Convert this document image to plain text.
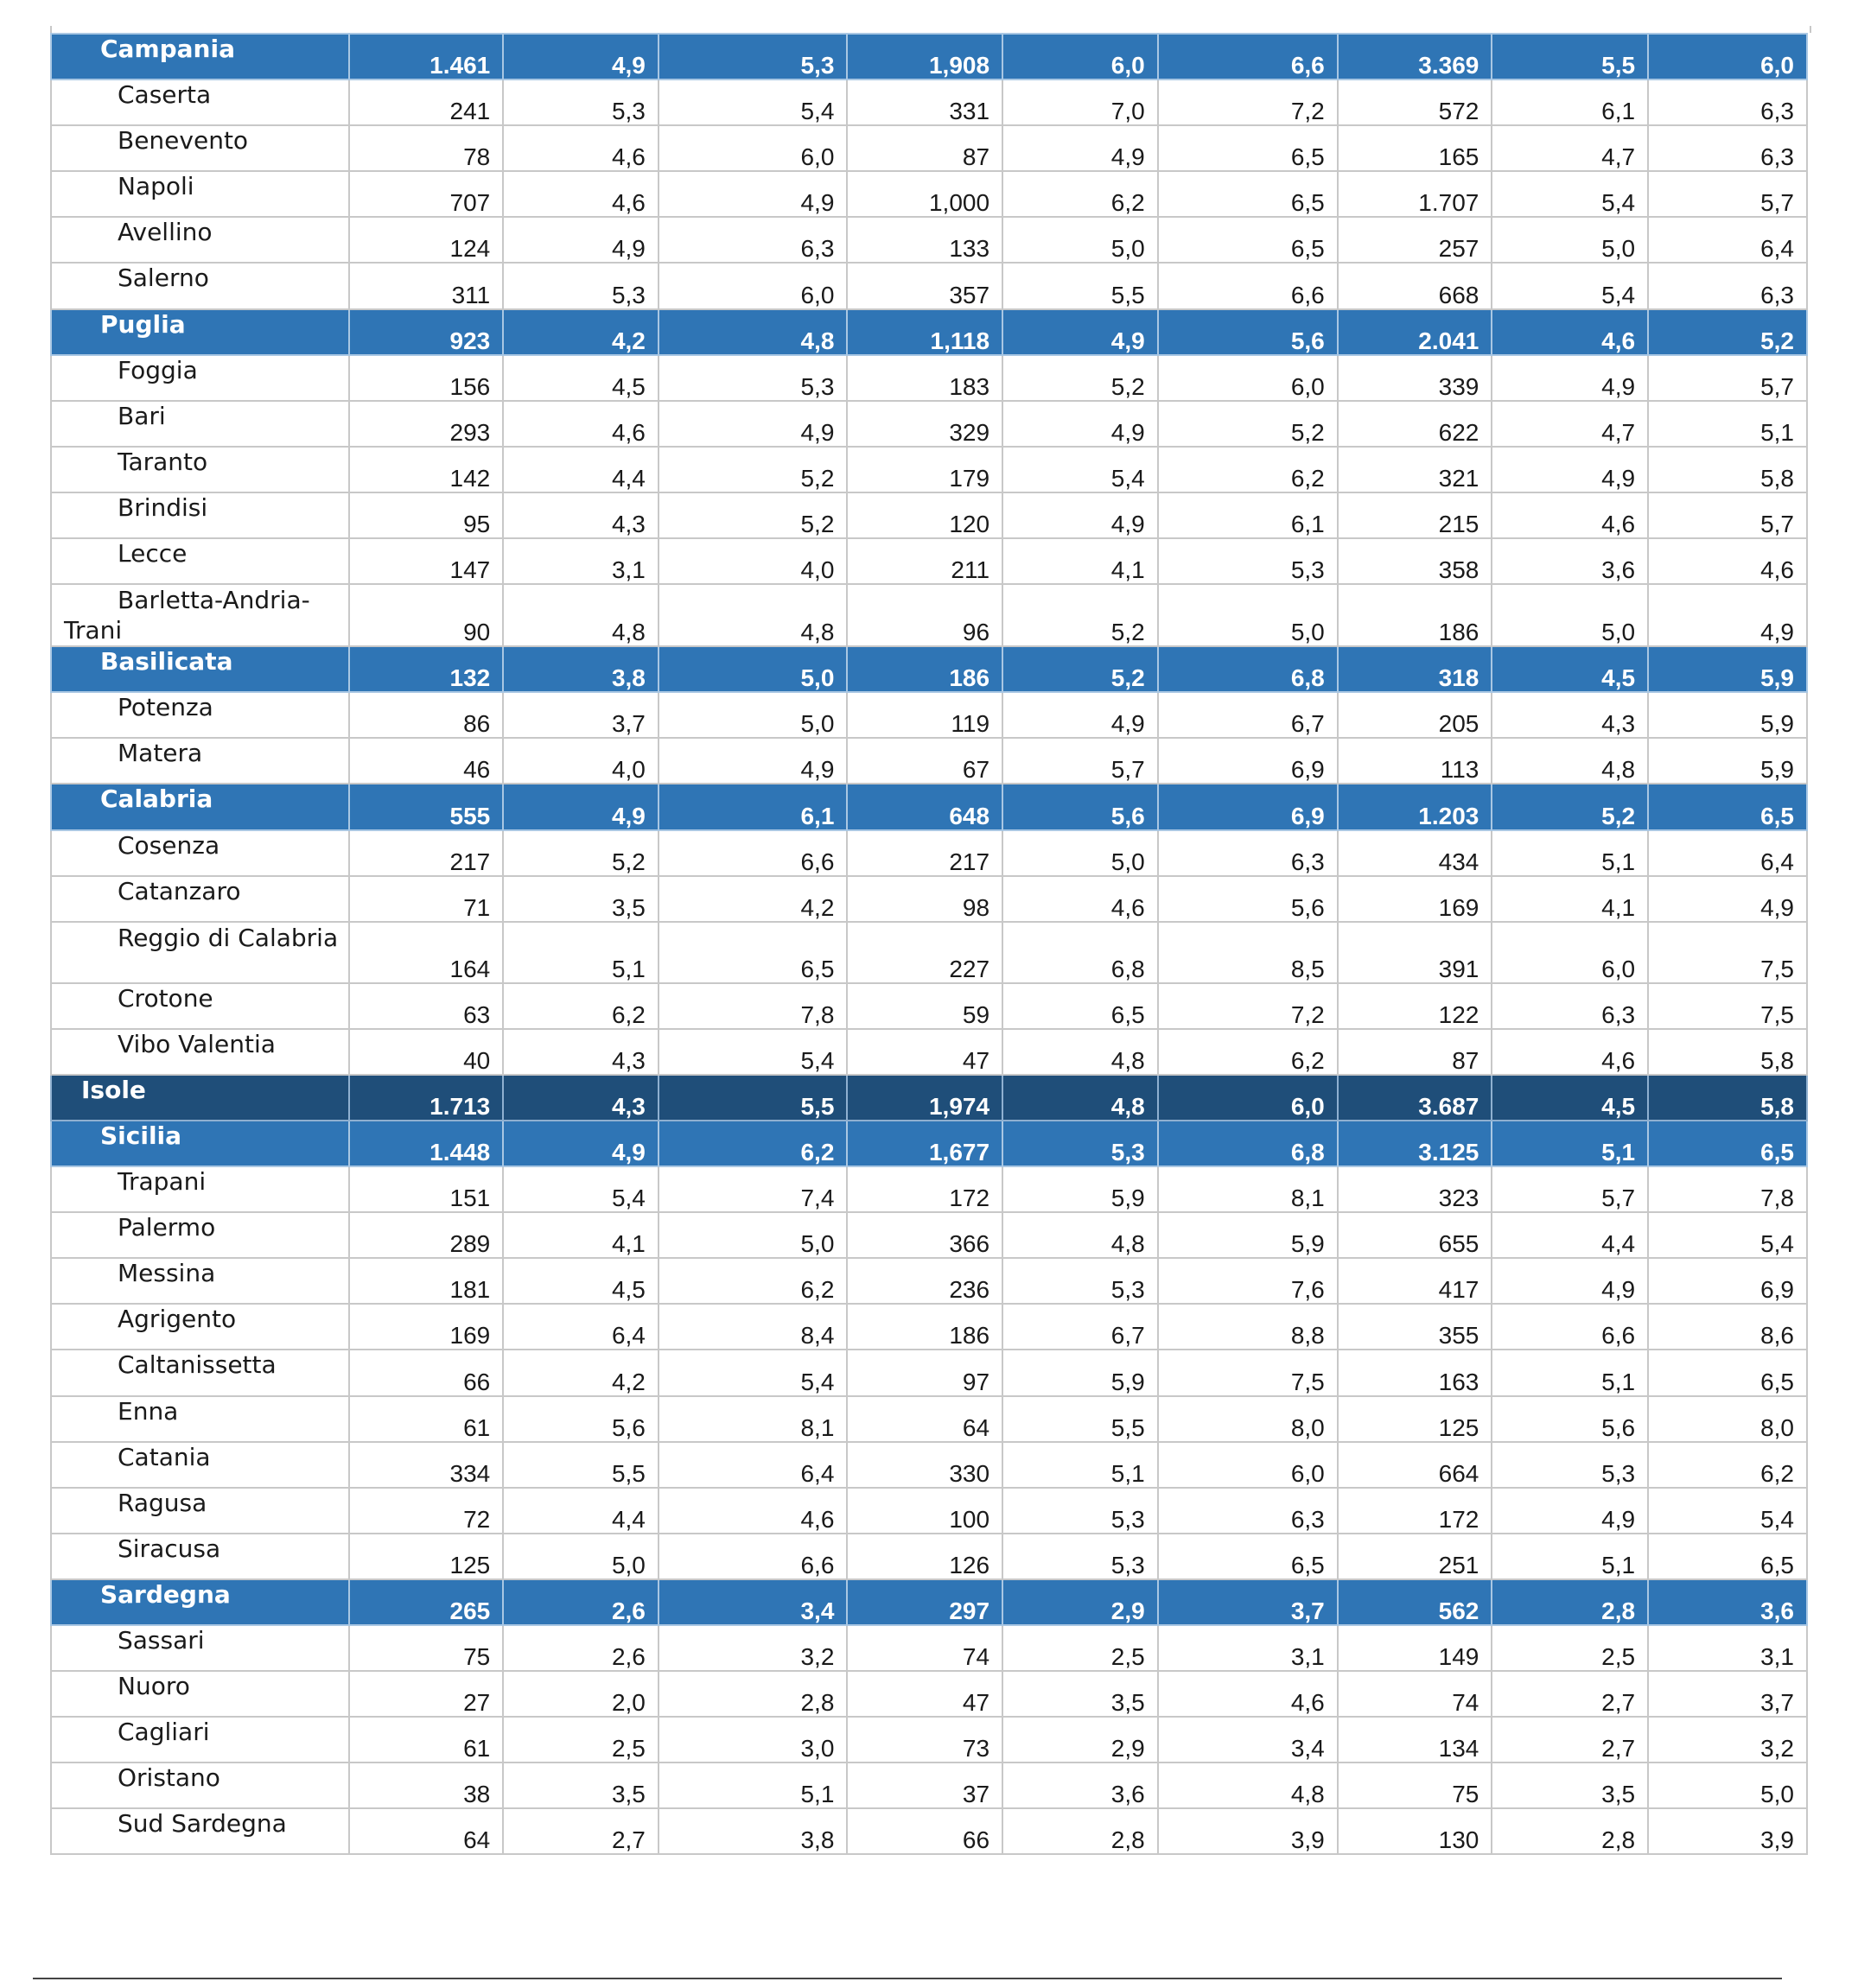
Campania	1.461	4,9	5,3	1,908	6,0	6,6	3.369	5,5	6,0
Caserta	241	5,3	5,4	331	7,0	7,2	572	6,1	6,3
Benevento	78	4,6	6,0	87	4,9	6,5	165	4,7	6,3
Napoli	707	4,6	4,9	1,000	6,2	6,5	1.707	5,4	5,7
Avellino	124	4,9	6,3	133	5,0	6,5	257	5,0	6,4
Salerno	311	5,3	6,0	357	5,5	6,6	668	5,4	6,3
Puglia	923	4,2	4,8	1,118	4,9	5,6	2.041	4,6	5,2
Foggia	156	4,5	5,3	183	5,2	6,0	339	4,9	5,7
Bari	293	4,6	4,9	329	4,9	5,2	622	4,7	5,1
Taranto	142	4,4	5,2	179	5,4	6,2	321	4,9	5,8
Brindisi	95	4,3	5,2	120	4,9	6,1	215	4,6	5,7
Lecce	147	3,1	4,0	211	4,1	5,3	358	3,6	4,6
Barletta-Andria-Trani	90	4,8	4,8	96	5,2	5,0	186	5,0	4,9
Basilicata	132	3,8	5,0	186	5,2	6,8	318	4,5	5,9
Potenza	86	3,7	5,0	119	4,9	6,7	205	4,3	5,9
Matera	46	4,0	4,9	67	5,7	6,9	113	4,8	5,9
Calabria	555	4,9	6,1	648	5,6	6,9	1.203	5,2	6,5
Cosenza	217	5,2	6,6	217	5,0	6,3	434	5,1	6,4
Catanzaro	71	3,5	4,2	98	4,6	5,6	169	4,1	4,9
Reggio di Calabria	164	5,1	6,5	227	6,8	8,5	391	6,0	7,5
Crotone	63	6,2	7,8	59	6,5	7,2	122	6,3	7,5
Vibo Valentia	40	4,3	5,4	47	4,8	6,2	87	4,6	5,8
Isole	1.713	4,3	5,5	1,974	4,8	6,0	3.687	4,5	5,8
Sicilia	1.448	4,9	6,2	1,677	5,3	6,8	3.125	5,1	6,5
Trapani	151	5,4	7,4	172	5,9	8,1	323	5,7	7,8
Palermo	289	4,1	5,0	366	4,8	5,9	655	4,4	5,4
Messina	181	4,5	6,2	236	5,3	7,6	417	4,9	6,9
Agrigento	169	6,4	8,4	186	6,7	8,8	355	6,6	8,6
Caltanissetta	66	4,2	5,4	97	5,9	7,5	163	5,1	6,5
Enna	61	5,6	8,1	64	5,5	8,0	125	5,6	8,0
Catania	334	5,5	6,4	330	5,1	6,0	664	5,3	6,2
Ragusa	72	4,4	4,6	100	5,3	6,3	172	4,9	5,4
Siracusa	125	5,0	6,6	126	5,3	6,5	251	5,1	6,5
Sardegna	265	2,6	3,4	297	2,9	3,7	562	2,8	3,6
Sassari	75	2,6	3,2	74	2,5	3,1	149	2,5	3,1
Nuoro	27	2,0	2,8	47	3,5	4,6	74	2,7	3,7
Cagliari	61	2,5	3,0	73	2,9	3,4	134	2,7	3,2
Oristano	38	3,5	5,1	37	3,6	4,8	75	3,5	5,0
Sud Sardegna	64	2,7	3,8	66	2,8	3,9	130	2,8	3,9
